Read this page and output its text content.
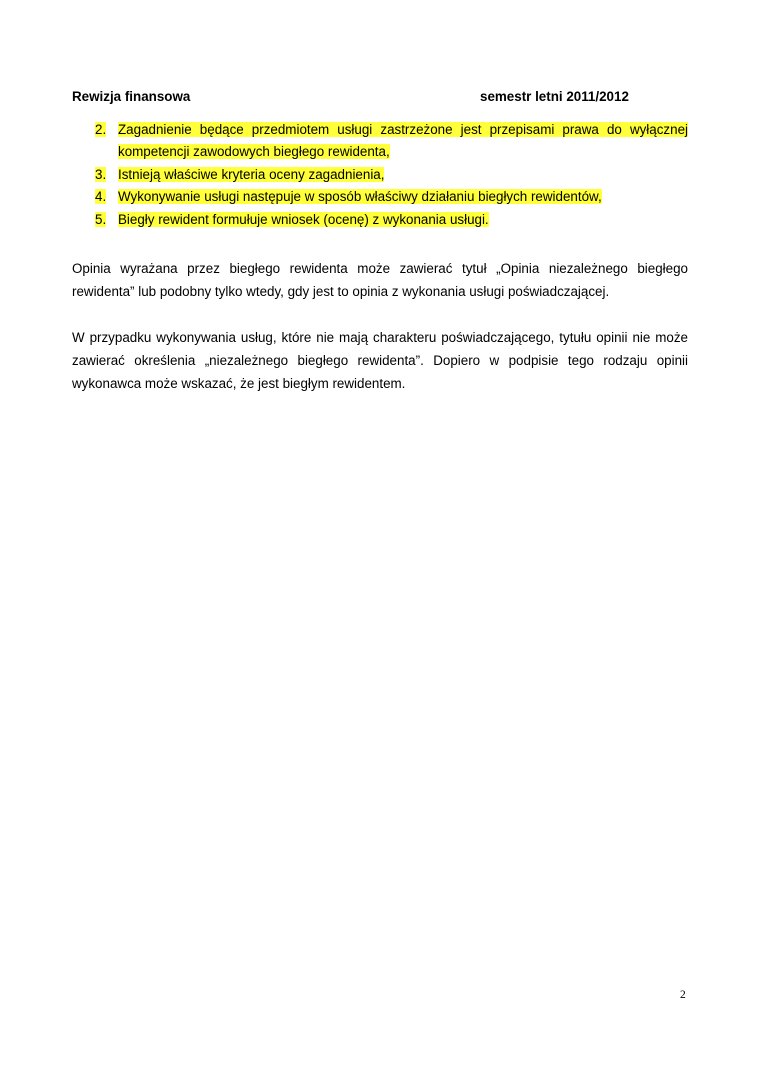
Rewizja finansowa	semestr letni 2011/2012
2. Zagadnienie będące przedmiotem usługi zastrzeżone jest przepisami prawa do wyłącznej kompetencji zawodowych biegłego rewidenta,
3. Istnieją właściwe kryteria oceny zagadnienia,
4. Wykonywanie usługi następuje w sposób właściwy działaniu biegłych rewidentów,
5. Biegły rewident formułuje wniosek (ocenę) z wykonania usługi.

Opinia wyrażana przez biegłego rewidenta może zawierać tytuł „Opinia niezależnego biegłego rewidenta” lub podobny tylko wtedy, gdy jest to opinia z wykonania usługi poświadczającej.

W przypadku wykonywania usług, które nie mają charakteru poświadczającego, tytułu opinii nie może zawierać określenia „niezależnego biegłego rewidenta”. Dopiero w podpisie tego rodzaju opinii wykonawca może wskazać, że jest biegłym rewidentem.

2
